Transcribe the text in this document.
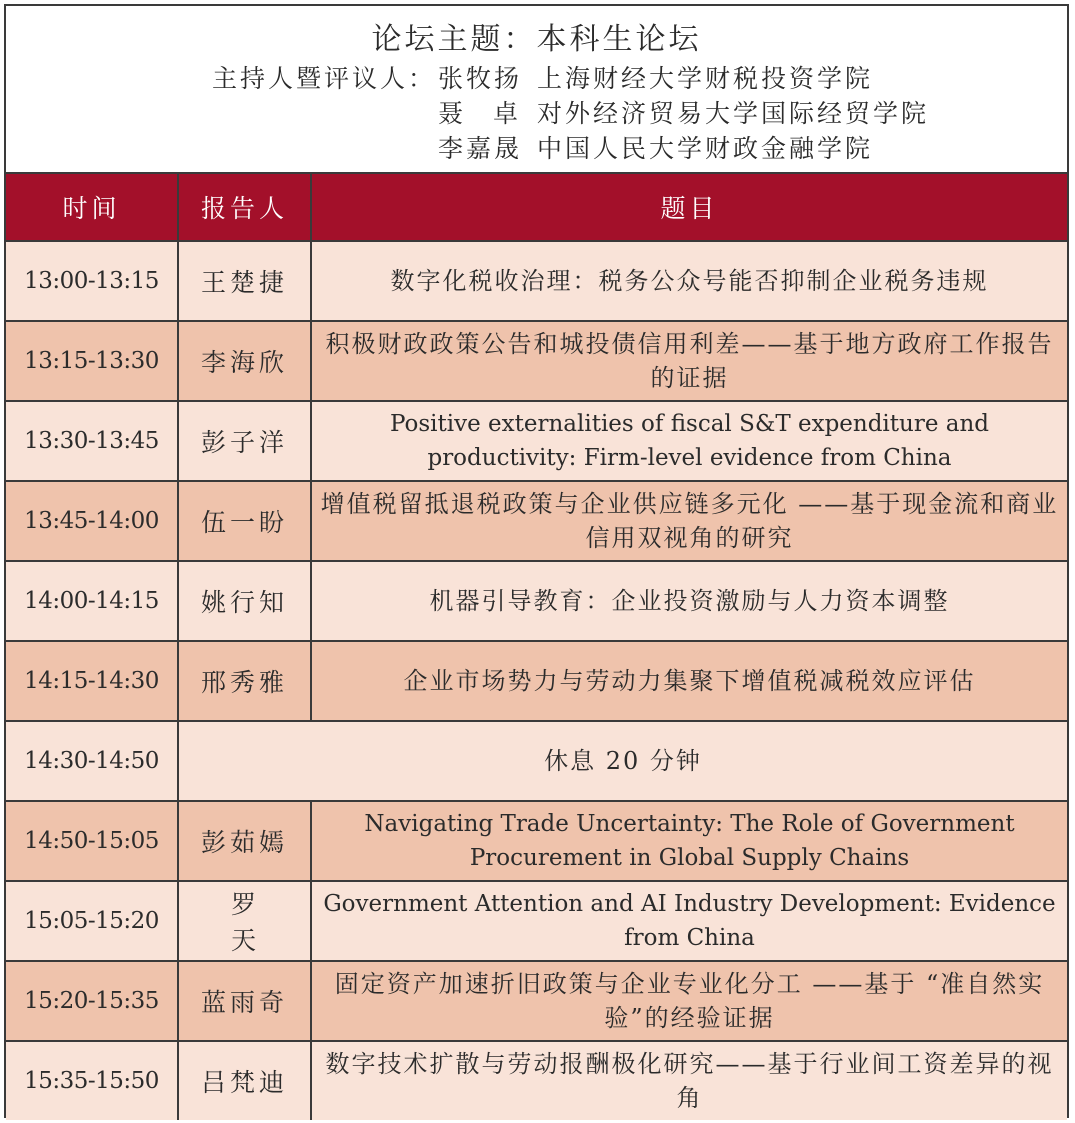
论坛主题：本科生论坛
主持人暨评议人： 张牧扬 上海财经大学财税投资学院
聂卓 对外经济贸易大学国际经贸学院
李嘉晟 中国人民大学财政金融学院
时间	报告人	题目
13:00-13:15	王楚捷	数字化税收治理：税务公众号能否抑制企业税务违规
13:15-13:30	李海欣	积极财政政策公告和城投债信用利差——基于地方政府工作报告的证据
13:30-13:45	彭子洋	Positive externalities of fiscal S&T expenditure and productivity: Firm-level evidence from China
13:45-14:00	伍一盼	增值税留抵退税政策与企业供应链多元化 ——基于现金流和商业信用双视角的研究
14:00-14:15	姚行知	机器引导教育：企业投资激励与人力资本调整
14:15-14:30	邢秀雅	企业市场势力与劳动力集聚下增值税减税效应评估
14:30-14:50	休息 20 分钟	
14:50-15:05	彭茹嫣	Navigating Trade Uncertainty: The Role of Government Procurement in Global Supply Chains
15:05-15:20	罗天	Government Attention and AI Industry Development: Evidence from China
15:20-15:35	蓝雨奇	固定资产加速折旧政策与企业专业化分工 ——基于 “准自然实验”的经验证据
15:35-15:50	吕梵迪	数字技术扩散与劳动报酬极化研究——基于行业间工资差异的视角
